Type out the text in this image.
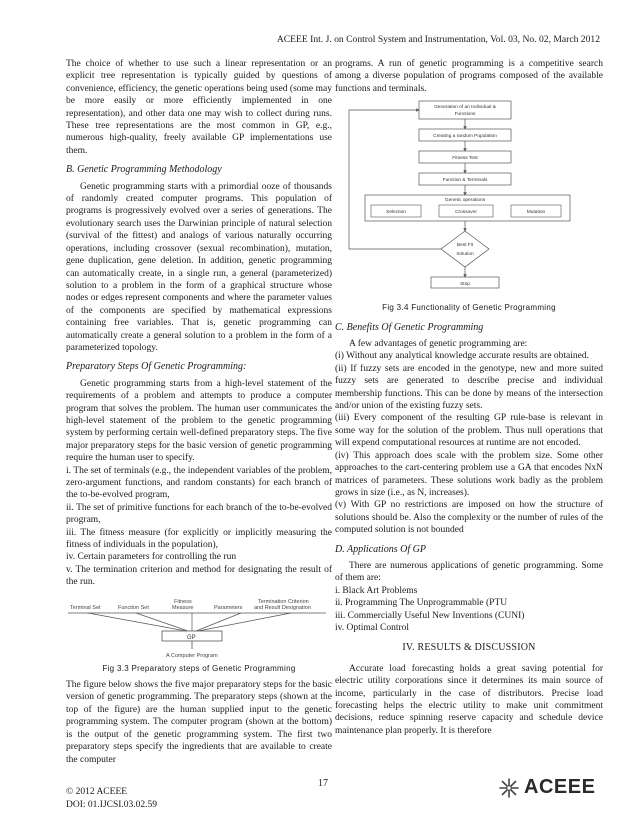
ACEEE Int. J. on Control System and Instrumentation, Vol. 03, No. 02, March 2012

The choice of whether to use such a linear representation or an explicit tree representation is typically guided by questions of convenience, efficiency, the genetic operations being used (some may be more easily or more efficiently implemented in one representation), and other data one may wish to collect during runs. These tree representations are the most common in GP, e.g., numerous high-quality, freely available GP implementations use them.

B. Genetic Programming Methodology

Genetic programming starts with a primordial ooze of thousands of randomly created computer programs. This population of programs is progressively evolved over a series of generations. The evolutionary search uses the Darwinian principle of natural selection (survival of the fittest) and analogs of various naturally occurring operations, including crossover (sexual recombination), mutation, gene duplication, gene deletion. In addition, genetic programming can automatically create, in a single run, a general (parameterized) solution to a problem in the form of a graphical structure whose nodes or edges represent components and where the parameter values of the components are specified by mathematical expressions containing free variables. That is, genetic programming can automatically create a general solution to a problem in the form of a parameterized topology.

Preparatory Steps Of Genetic Programming:

Genetic programming starts from a high-level statement of the requirements of a problem and attempts to produce a computer program that solves the problem. The human user communicates the high-level statement of the problem to the genetic programming system by performing certain well-defined preparatory steps. The five major preparatory steps for the basic version of genetic programming require the human user to specify.

i. The set of terminals (e.g., the independent variables of the problem, zero-argument functions, and random constants) for each branch of the to-be-evolved program,

ii. The set of primitive functions for each branch of the to-be-evolved program,

iii. The fitness measure (for explicitly or implicitly measuring the fitness of individuals in the population),

iv. Certain parameters for controlling the run

v. The termination criterion and method for designating the result of the run.

Terminal Set	Function Set
Fitness
Measure	Parameters
Termination Criterion
and Result Designation
GP
A Computer Program

Fig 3.3 Preparatory steps of Genetic Programming

The figure below shows the five major preparatory steps for the basic version of genetic programming. The preparatory steps (shown at the top of the figure) are the human supplied input to the genetic programming system. The computer program (shown at the bottom) is the output of the genetic programming system. The first two preparatory steps specify the ingredients that are available to create the computer

programs. A run of genetic programming is a competitive search among a diverse population of programs composed of the available functions and terminals.

Generation of an Individual &
Functions
Creating a random Population
Fitness Test
Function & Terminals
Genetic operations
Selection	Crossover	Mutation
Best Fit
Solution
Stop

Fig 3.4 Functionality of Genetic Programming

C. Benefits Of Genetic Programming

A few advantages of genetic programming are:

(i) Without any analytical knowledge accurate results are obtained.

(ii) If fuzzy sets are encoded in the genotype, new and more suited fuzzy sets are generated to describe precise and individual membership functions. This can be done by means of the intersection and/or union of the existing fuzzy sets.

(iii) Every component of the resulting GP rule-base is relevant in some way for the solution of the problem. Thus null operations that will expend computational resources at runtime are not encoded.

(iv) This approach does scale with the problem size. Some other approaches to the cart-centering problem use a GA that encodes NxN matrices of parameters. These solutions work badly as the problem grows in size (i.e., as N, increases).

(v) With GP no restrictions are imposed on how the structure of solutions should be. Also the complexity or the number of rules of the computed solution is not bounded

D. Applications Of GP

There are numerous applications of genetic programming. Some of them are:

i. Black Art Problems

ii. Programming The Unprogrammable (PTU

iii. Commercially Useful New Inventions (CUNI)

iv. Optimal Control

IV. RESULTS & DISCUSSION

Accurate load forecasting holds a great saving potential for electric utility corporations since it determines its main source of income, particularly in the case of distributors. Precise load forecasting helps the electric utility to make unit commitment decisions, reduce spinning reserve capacity and schedule device maintenance plan properly. It is therefore

© 2012 ACEEE
DOI: 01.IJCSI.03.02.59
17	ACEEE
